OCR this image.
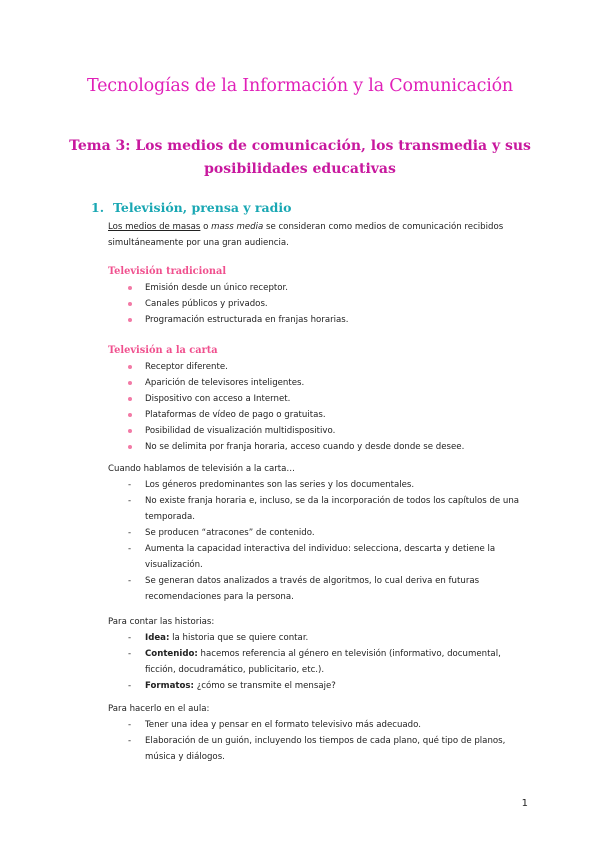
Tecnologías de la Información y la Comunicación
Tema 3: Los medios de comunicación, los transmedia y sus posibilidades educativas
1. Televisión, prensa y radio

Los medios de masas o mass media se consideran como medios de comunicación recibidos simultáneamente por una gran audiencia.

Televisión tradicional
Emisión desde un único receptor.
Canales públicos y privados.
Programación estructurada en franjas horarias.
Televisión a la carta
Receptor diferente.
Aparición de televisores inteligentes.
Dispositivo con acceso a Internet.
Plataformas de vídeo de pago o gratuitas.
Posibilidad de visualización multidispositivo.
No se delimita por franja horaria, acceso cuando y desde donde se desee.

Cuando hablamos de televisión a la carta…

- Los géneros predominantes son las series y los documentales.
- No existe franja horaria e, incluso, se da la incorporación de todos los capítulos de una temporada.
- Se producen “atracones” de contenido.
- Aumenta la capacidad interactiva del individuo: selecciona, descarta y detiene la visualización.
- Se generan datos analizados a través de algoritmos, lo cual deriva en futuras recomendaciones para la persona.

Para contar las historias:

- Idea: la historia que se quiere contar.
- Contenido: hacemos referencia al género en televisión (informativo, documental, ficción, docudramático, publicitario, etc.).
- Formatos: ¿cómo se transmite el mensaje?

Para hacerlo en el aula:

- Tener una idea y pensar en el formato televisivo más adecuado.
- Elaboración de un guión, incluyendo los tiempos de cada plano, qué tipo de planos, música y diálogos.
1
